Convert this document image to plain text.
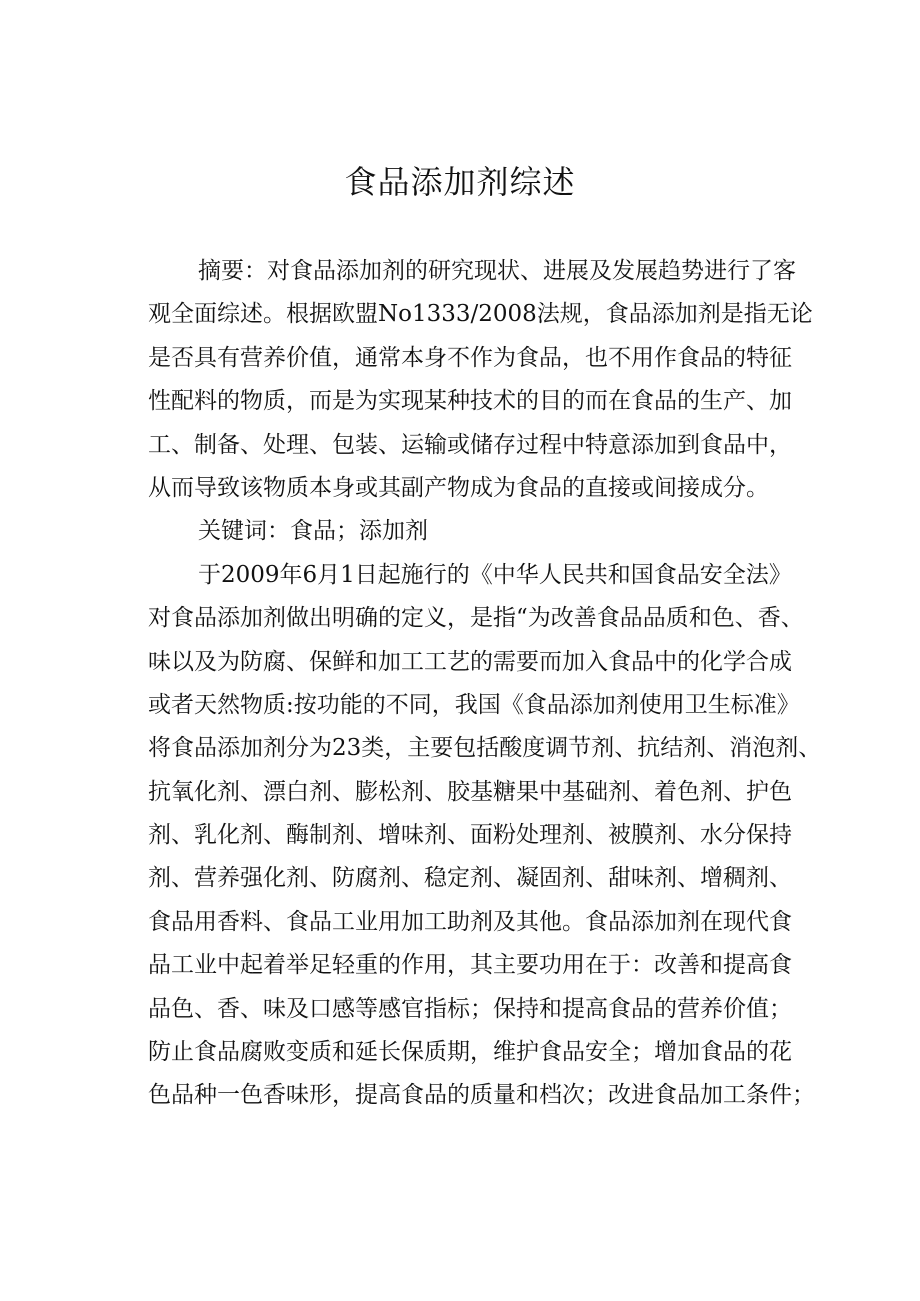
食品添加剂综述
摘要：对食品添加剂的研究现状、进展及发展趋势进行了客
观全面综述。根据欧盟No1333/2008法规，食品添加剂是指无论
是否具有营养价值，通常本身不作为食品，也不用作食品的特征
性配料的物质，而是为实现某种技术的目的而在食品的生产、加
工、制备、处理、包装、运输或储存过程中特意添加到食品中，
从而导致该物质本身或其副产物成为食品的直接或间接成分。
关键词：食品；添加剂
于2009年6月1日起施行的《中华人民共和国食品安全法》
对食品添加剂做出明确的定义，是指“为改善食品品质和色、香、
味以及为防腐、保鲜和加工工艺的需要而加入食品中的化学合成
或者天然物质:按功能的不同，我国《食品添加剂使用卫生标准》
将食品添加剂分为23类，主要包括酸度调节剂、抗结剂、消泡剂、
抗氧化剂、漂白剂、膨松剂、胶基糖果中基础剂、着色剂、护色
剂、乳化剂、酶制剂、增味剂、面粉处理剂、被膜剂、水分保持
剂、营养强化剂、防腐剂、稳定剂、凝固剂、甜味剂、增稠剂、
食品用香料、食品工业用加工助剂及其他。食品添加剂在现代食
品工业中起着举足轻重的作用，其主要功用在于：改善和提高食
品色、香、味及口感等感官指标；保持和提高食品的营养价值；
防止食品腐败变质和延长保质期，维护食品安全；增加食品的花
色品种一色香味形，提高食品的质量和档次；改进食品加工条件；
